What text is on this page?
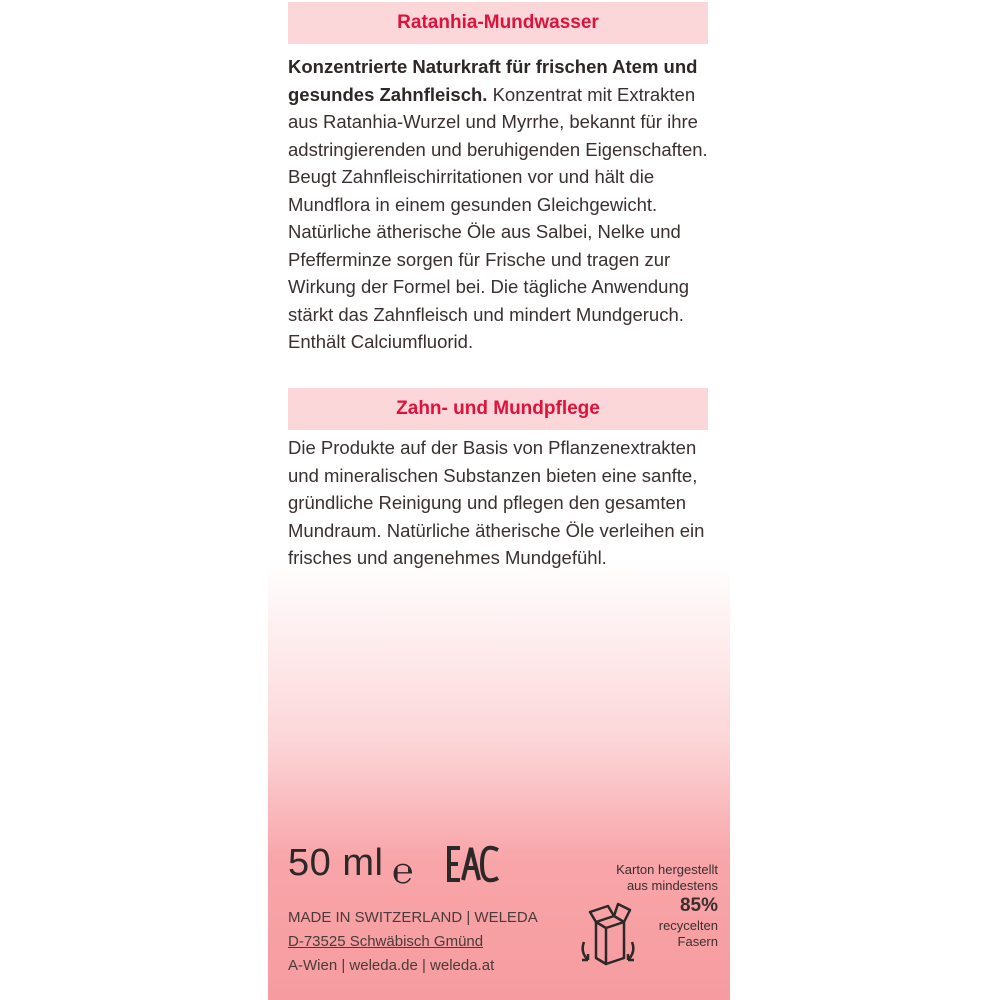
Ratanhia-Mundwasser
Konzentrierte Naturkraft für frischen Atem und gesundes Zahnfleisch. Konzentrat mit Extrakten aus Ratanhia-Wurzel und Myrrhe, bekannt für ihre adstringierenden und beruhigenden Eigenschaften. Beugt Zahnfleischirritationen vor und hält die Mundflora in einem gesunden Gleichgewicht. Natürliche ätherische Öle aus Salbei, Nelke und Pfefferminze sorgen für Frische und tragen zur Wirkung der Formel bei. Die tägliche Anwendung stärkt das Zahnfleisch und mindert Mundgeruch. Enthält Calciumfluorid.
Zahn- und Mundpflege
Die Produkte auf der Basis von Pflanzenextrakten und mineralischen Substanzen bieten eine sanfte, gründliche Reinigung und pflegen den gesamten Mundraum. Natürliche ätherische Öle verleihen ein frisches und angenehmes Mundgefühl.
50 ml ℮
MADE IN SWITZERLAND | WELEDA
D-73525 Schwäbisch Gmünd
A-Wien | weleda.de | weleda.at
Karton hergestellt
aus mindestens
85%
recycelten
Fasern
